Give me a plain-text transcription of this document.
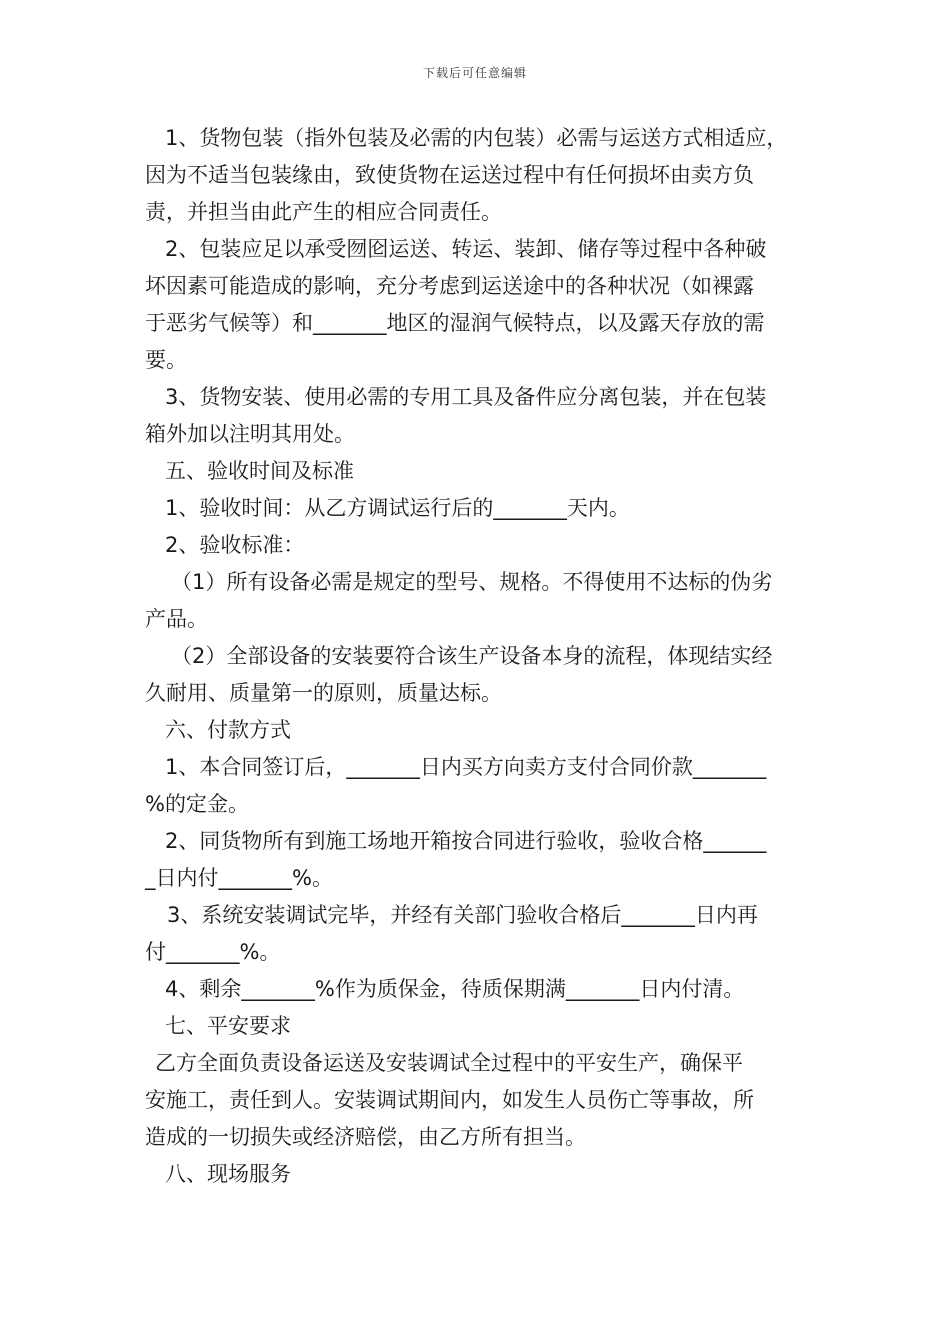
下载后可任意编辑
1、货物包装（指外包装及必需的内包装）必需与运送方式相适应，
因为不适当包装缘由，致使货物在运送过程中有任何损坏由卖方负
责，并担当由此产生的相应合同责任。
2、包装应足以承受囫囵运送、转运、装卸、储存等过程中各种破
坏因素可能造成的影响，充分考虑到运送途中的各种状况（如裸露
于恶劣气候等）和_______地区的湿润气候特点，以及露天存放的需
要。
3、货物安装、使用必需的专用工具及备件应分离包装，并在包装
箱外加以注明其用处。
五、验收时间及标准
1、验收时间：从乙方调试运行后的_______天内。
2、验收标准：
（1）所有设备必需是规定的型号、规格。不得使用不达标的伪劣
产品。
（2）全部设备的安装要符合该生产设备本身的流程，体现结实经
久耐用、质量第一的原则，质量达标。
六、付款方式
1、本合同签订后，_______日内买方向卖方支付合同价款_______
%的定金。
2、同货物所有到施工场地开箱按合同进行验收，验收合格______
_日内付_______%。
3、系统安装调试完毕，并经有关部门验收合格后_______日内再
付_______%。
4、剩余_______%作为质保金，待质保期满_______日内付清。
七、平安要求
乙方全面负责设备运送及安装调试全过程中的平安生产，确保平
安施工，责任到人。安装调试期间内，如发生人员伤亡等事故，所
造成的一切损失或经济赔偿，由乙方所有担当。
八、现场服务
